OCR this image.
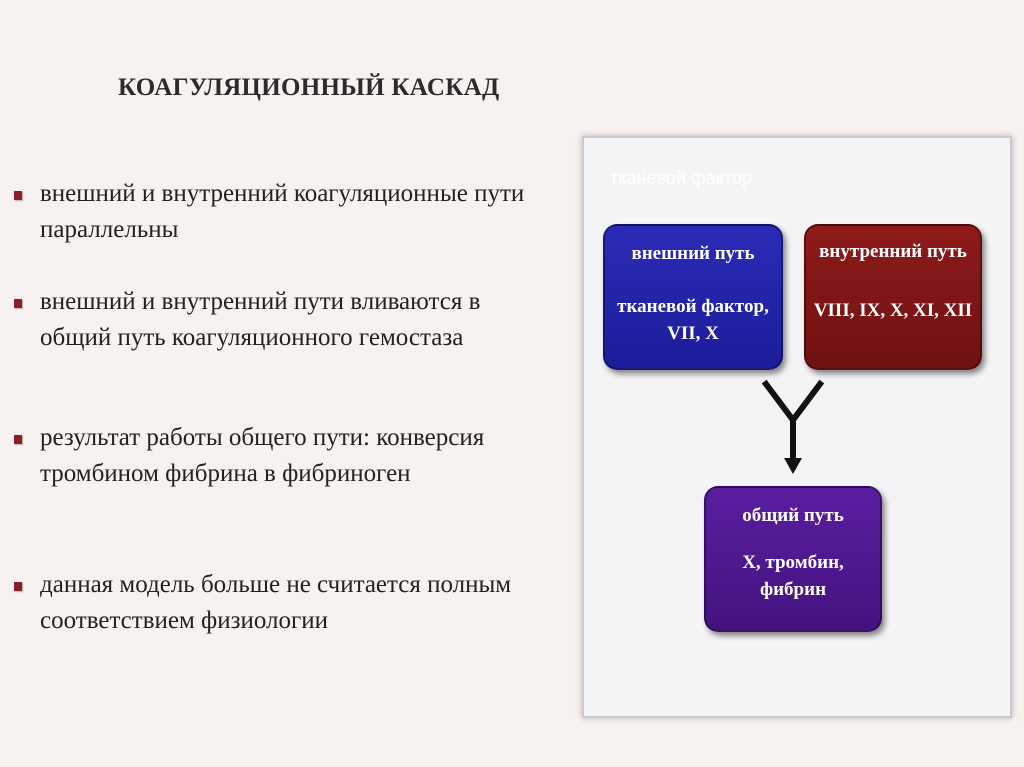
КОАГУЛЯЦИОННЫЙ КАСКАД
внешний и внутренний коагуляционные пути
параллельны
внешний и внутренний пути вливаются в
общий путь коагуляционного гемостаза
результат работы общего пути: конверсия
тромбином фибрина в фибриноген
данная модель больше не считается полным
соответствием физиологии
тканевой фактор
внешний путь
тканевой фактор,
VII, X
внутренний путь
VIII, IX, X, XI, XII
общий путь
X, тромбин,
фибрин
